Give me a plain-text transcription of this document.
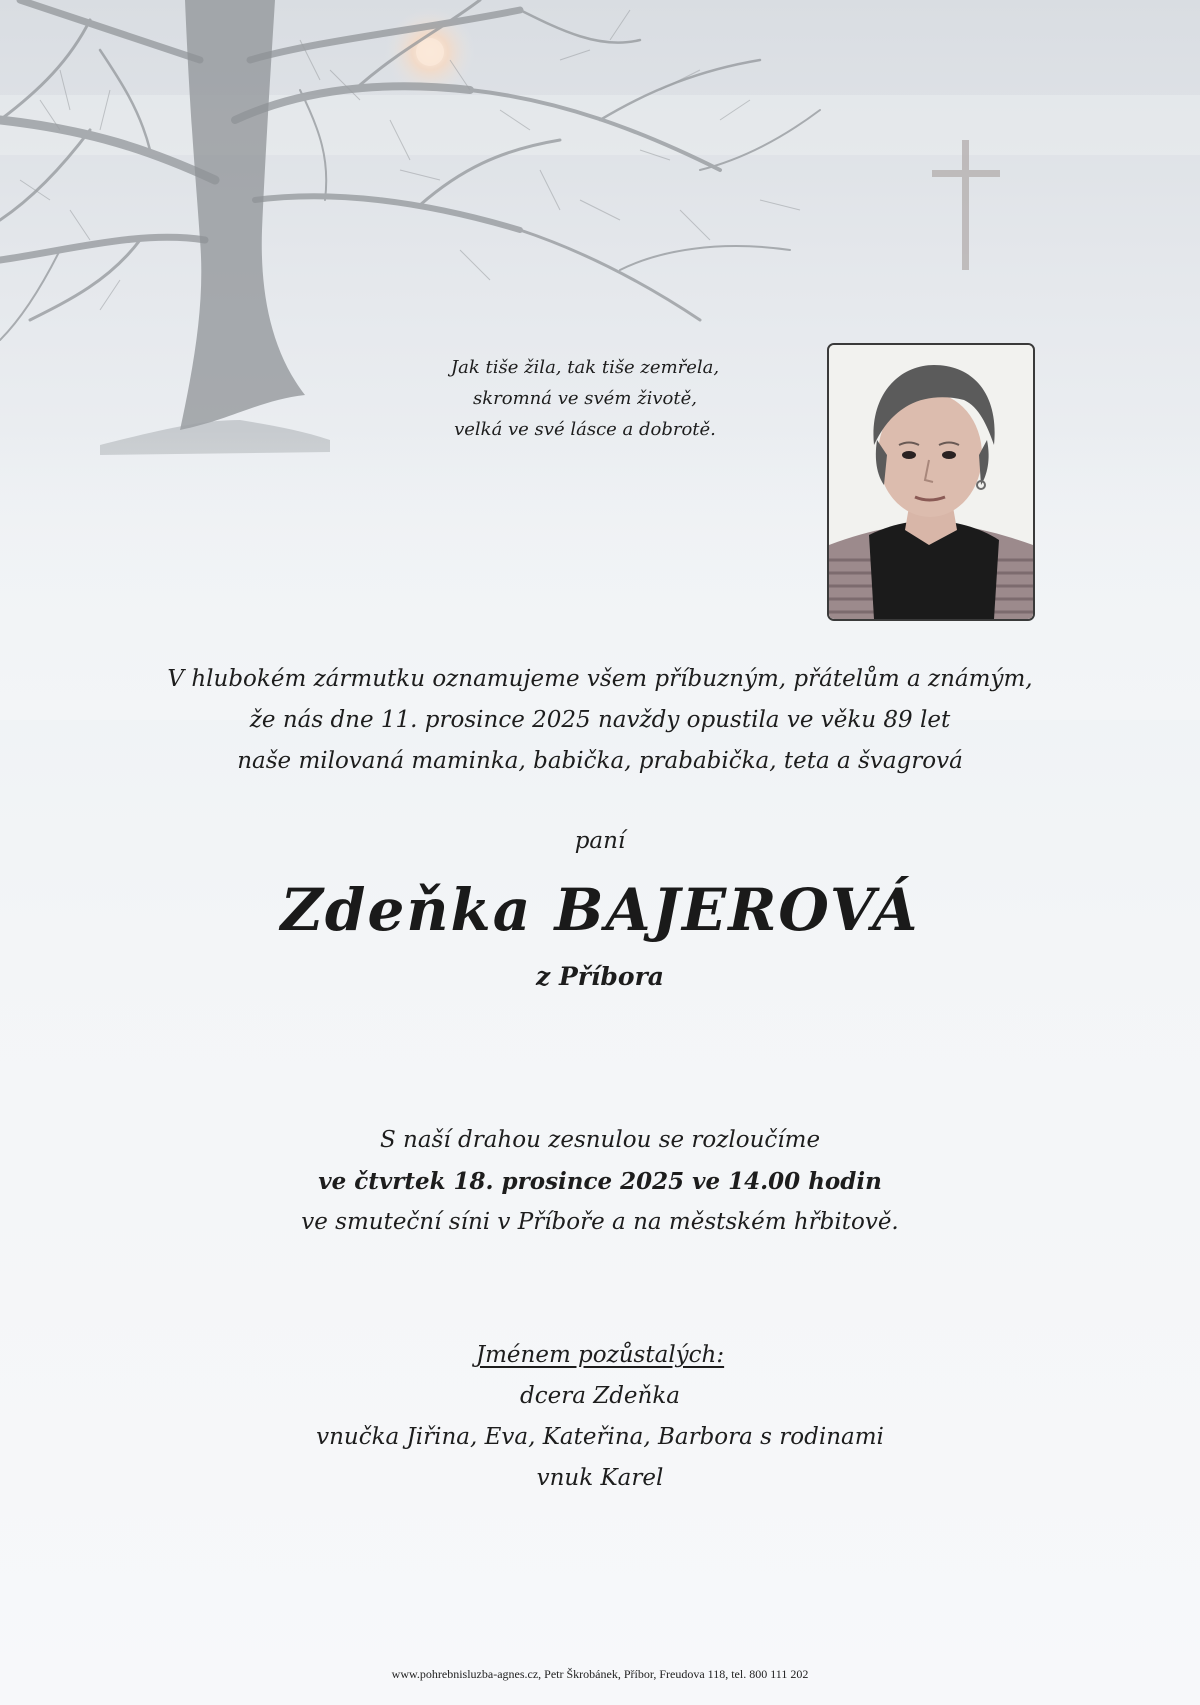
Jak tiše žila, tak tiše zemřela,
skromná ve svém životě,
velká ve své lásce a dobrotě.
V hlubokém zármutku oznamujeme všem příbuzným, přátelům a známým,
že nás dne 11. prosince 2025 navždy opustila ve věku 89 let
naše milovaná maminka, babička, prababička, teta a švagrová
paní
Zdeňka BAJEROVÁ
z Příbora
S naší drahou zesnulou se rozloučíme
ve čtvrtek 18. prosince 2025 ve 14.00 hodin
ve smuteční síni v Příboře a na městském hřbitově.
Jménem pozůstalých:
dcera Zdeňka
vnučka Jiřina, Eva, Kateřina, Barbora s rodinami
vnuk Karel
www.pohrebnisluzba-agnes.cz, Petr Škrobánek, Příbor, Freudova 118, tel. 800 111 202
